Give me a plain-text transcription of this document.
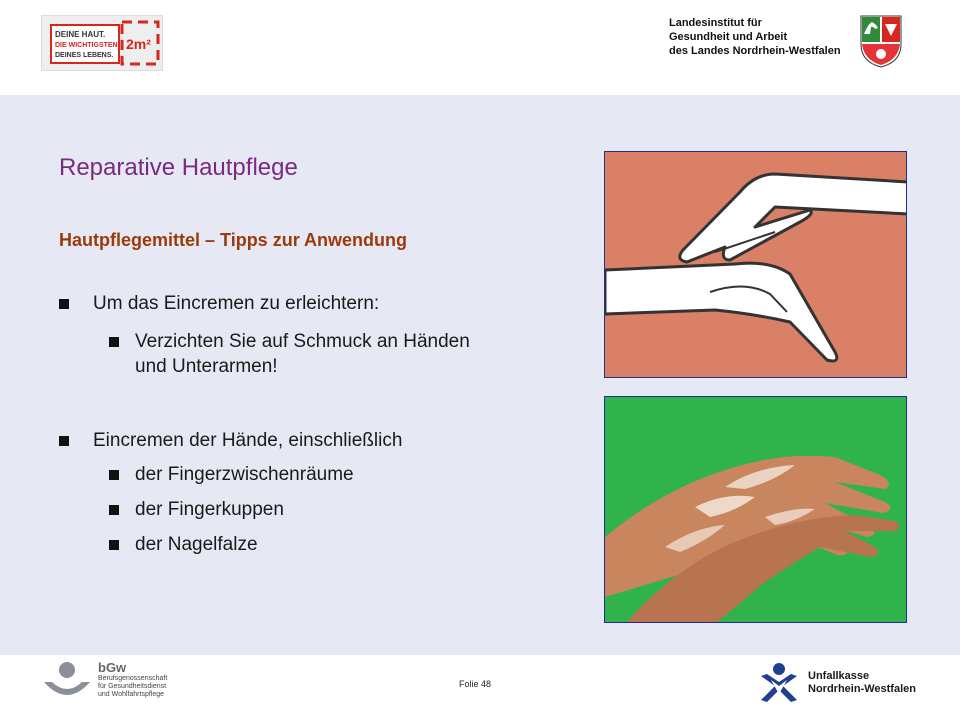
DEINE HAUT.
DIE WICHTIGSTEN
DEINES LEBENS.
2m²
Landesinstitut für
Gesundheit und Arbeit
des Landes Nordrhein-Westfalen
Reparative Hautpflege
Hautpflegemittel – Tipps zur Anwendung
Um das Eincremen zu erleichtern:
Verzichten Sie auf Schmuck an Händen
und Unterarmen!
Eincremen der Hände, einschließlich
der Fingerzwischenräume
der Fingerkuppen
der Nagelfalze
bGw
Berufsgenossenschaft
für Gesundheitsdienst
und Wohlfahrtspflege
Folie 48
Unfallkasse
Nordrhein-Westfalen
